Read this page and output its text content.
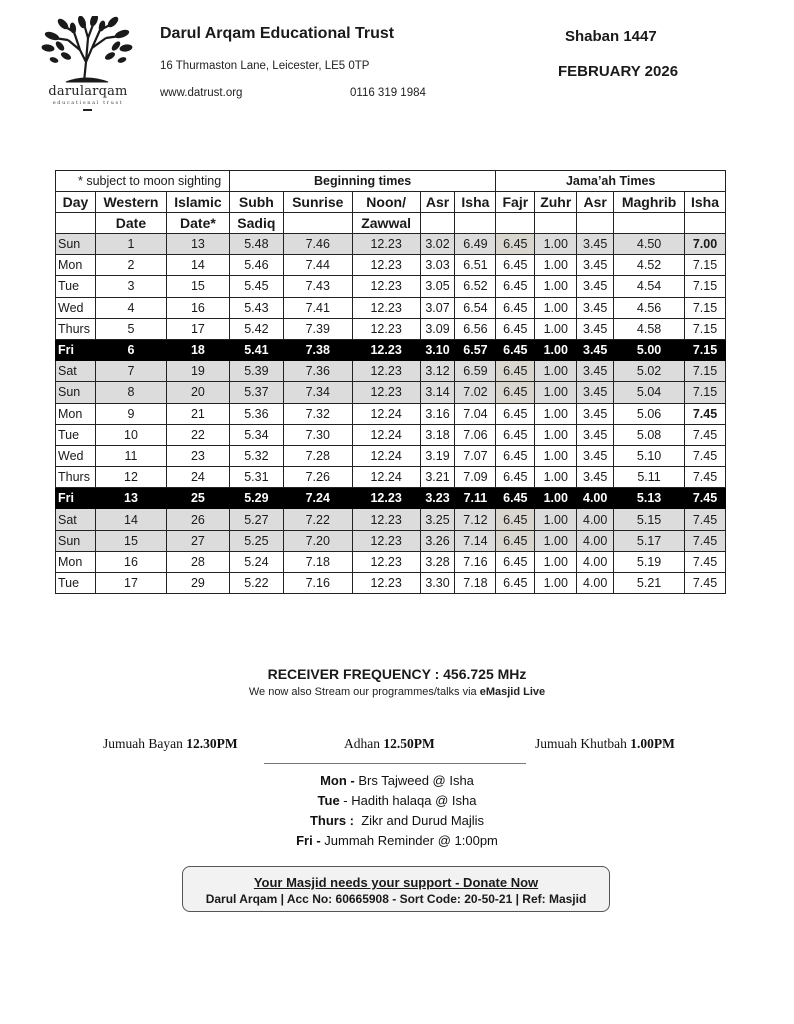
darularqam
educational trust
Darul Arqam Educational Trust
16 Thurmaston Lane, Leicester, LE5 0TP
www.datrust.org	0116 319 1984
Shaban 1447
FEBRUARY 2026
* subject to moon sighting			Beginning times					Jama’ah Times				
Day	Western	Islamic	Subh	Sunrise	Noon/	Asr	Isha	Fajr	Zuhr	Asr	Maghrib	Isha
	Date	Date*	Sadiq		Zawwal							
Sun	1	13	5.48	7.46	12.23	3.02	6.49	6.45	1.00	3.45	4.50	7.00
Mon	2	14	5.46	7.44	12.23	3.03	6.51	6.45	1.00	3.45	4.52	7.15
Tue	3	15	5.45	7.43	12.23	3.05	6.52	6.45	1.00	3.45	4.54	7.15
Wed	4	16	5.43	7.41	12.23	3.07	6.54	6.45	1.00	3.45	4.56	7.15
Thurs	5	17	5.42	7.39	12.23	3.09	6.56	6.45	1.00	3.45	4.58	7.15
Fri	6	18	5.41	7.38	12.23	3.10	6.57	6.45	1.00	3.45	5.00	7.15
Sat	7	19	5.39	7.36	12.23	3.12	6.59	6.45	1.00	3.45	5.02	7.15
Sun	8	20	5.37	7.34	12.23	3.14	7.02	6.45	1.00	3.45	5.04	7.15
Mon	9	21	5.36	7.32	12.24	3.16	7.04	6.45	1.00	3.45	5.06	7.45
Tue	10	22	5.34	7.30	12.24	3.18	7.06	6.45	1.00	3.45	5.08	7.45
Wed	11	23	5.32	7.28	12.24	3.19	7.07	6.45	1.00	3.45	5.10	7.45
Thurs	12	24	5.31	7.26	12.24	3.21	7.09	6.45	1.00	3.45	5.11	7.45
Fri	13	25	5.29	7.24	12.23	3.23	7.11	6.45	1.00	4.00	5.13	7.45
Sat	14	26	5.27	7.22	12.23	3.25	7.12	6.45	1.00	4.00	5.15	7.45
Sun	15	27	5.25	7.20	12.23	3.26	7.14	6.45	1.00	4.00	5.17	7.45
Mon	16	28	5.24	7.18	12.23	3.28	7.16	6.45	1.00	4.00	5.19	7.45
Tue	17	29	5.22	7.16	12.23	3.30	7.18	6.45	1.00	4.00	5.21	7.45
RECEIVER FREQUENCY : 456.725 MHz
We now also Stream our programmes/talks via eMasjid Live
Jumuah Bayan 12.30PM	Adhan 12.50PM	Jumuah Khutbah 1.00PM
Mon - Brs Tajweed @ Isha
Tue - Hadith halaqa @ Isha
Thurs :  Zikr and Durud Majlis
Fri - Jummah Reminder @ 1:00pm
Your Masjid needs your support - Donate Now
Darul Arqam | Acc No: 60665908 - Sort Code: 20-50-21 | Ref: Masjid
